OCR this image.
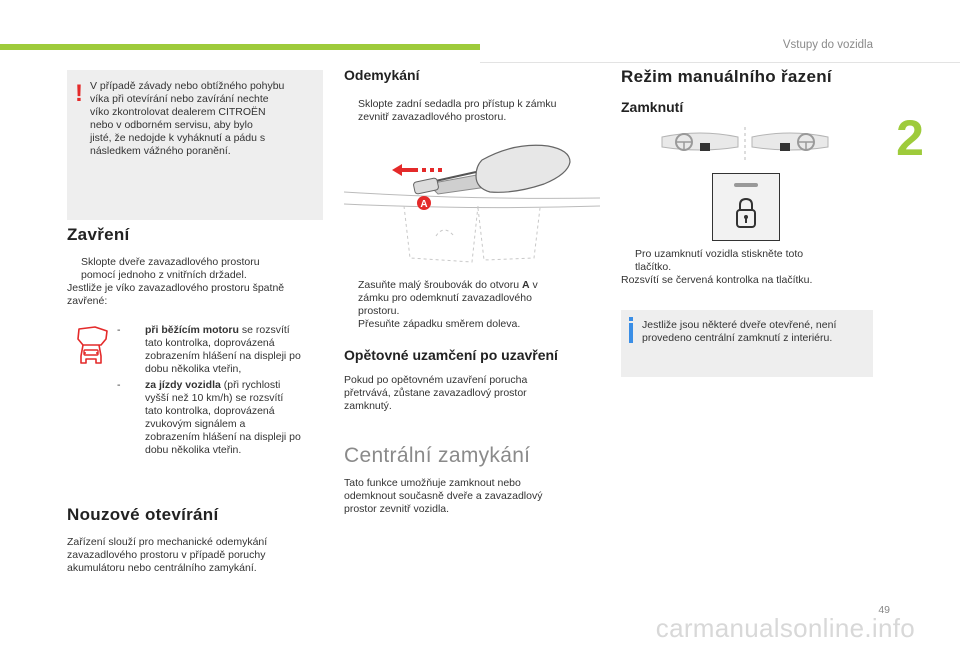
Vstupy do vozidla
2
! V případě závady nebo obtížného pohybu
víka při otevírání nebo zavírání nechte
víko zkontrolovat dealerem CITROËN
nebo v odborném servisu, aby bylo
jisté, že nedojde k vyháknutí a pádu s
následkem vážného poranění.
Zavření
Sklopte dveře zavazadlového prostoru
pomocí jednoho z vnitřních držadel.
Jestliže je víko zavazadlového prostoru špatně
zavřené:
- při běžícím motoru se rozsvítí
tato kontrolka, doprovázená
zobrazením hlášení na displeji po
dobu několika vteřin,
- za jízdy vozidla (při rychlosti
vyšší než 10 km/h) se rozsvítí
tato kontrolka, doprovázená
zvukovým signálem a
zobrazením hlášení na displeji po
dobu několika vteřin.
Nouzové otevírání
Zařízení slouží pro mechanické odemykání
zavazadlového prostoru v případě poruchy
akumulátoru nebo centrálního zamykání.
Odemykání
Sklopte zadní sedadla pro přístup k zámku
zevnitř zavazadlového prostoru.
A
Zasuňte malý šroubovák do otvoru A v
zámku pro odemknutí zavazadlového
prostoru.
Přesuňte západku směrem doleva.
Opětovné uzamčení po uzavření
Pokud po opětovném uzavření porucha
přetrvává, zůstane zavazadlový prostor
zamknutý.
Centrální zamykání
Tato funkce umožňuje zamknout nebo
odemknout současně dveře a zavazadlový
prostor zevnitř vozidla.
Režim manuálního řazení
Zamknutí
Pro uzamknutí vozidla stiskněte toto
tlačítko.
Rozsvítí se červená kontrolka na tlačítku.
Jestliže jsou některé dveře otevřené, není
provedeno centrální zamknutí z interiéru.
49
carmanualsonline.info
